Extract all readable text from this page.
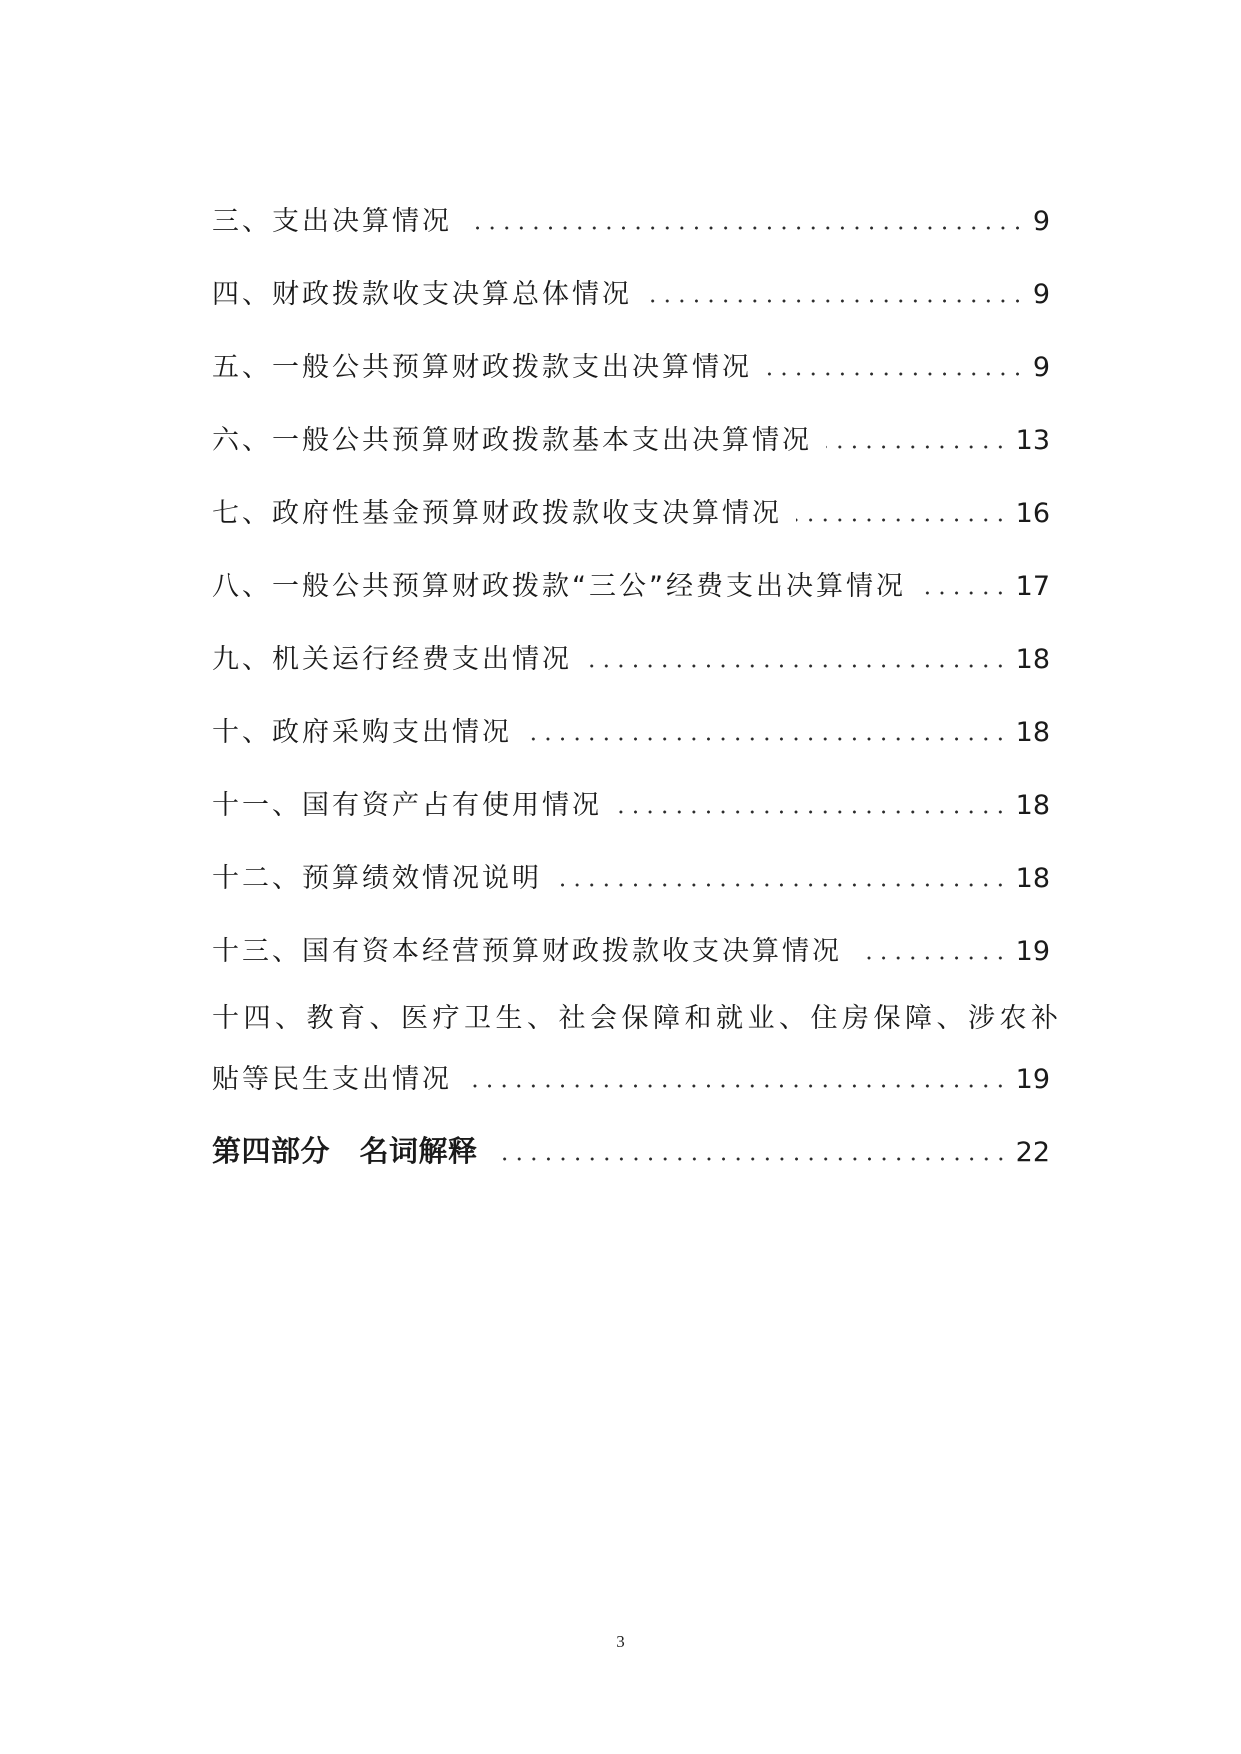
三、支出决算情况	9
四、财政拨款收支决算总体情况	9
五、一般公共预算财政拨款支出决算情况	9
六、一般公共预算财政拨款基本支出决算情况	13
七、政府性基金预算财政拨款收支决算情况	16
八、一般公共预算财政拨款“三公”经费支出决算情况	17
九、机关运行经费支出情况	18
十、政府采购支出情况	18
十一、国有资产占有使用情况	18
十二、预算绩效情况说明	18
十三、国有资本经营预算财政拨款收支决算情况	19
十四、教育、医疗卫生、社会保障和就业、住房保障、涉农补
贴等民生支出情况	19
第四部分　名词解释	22
3
